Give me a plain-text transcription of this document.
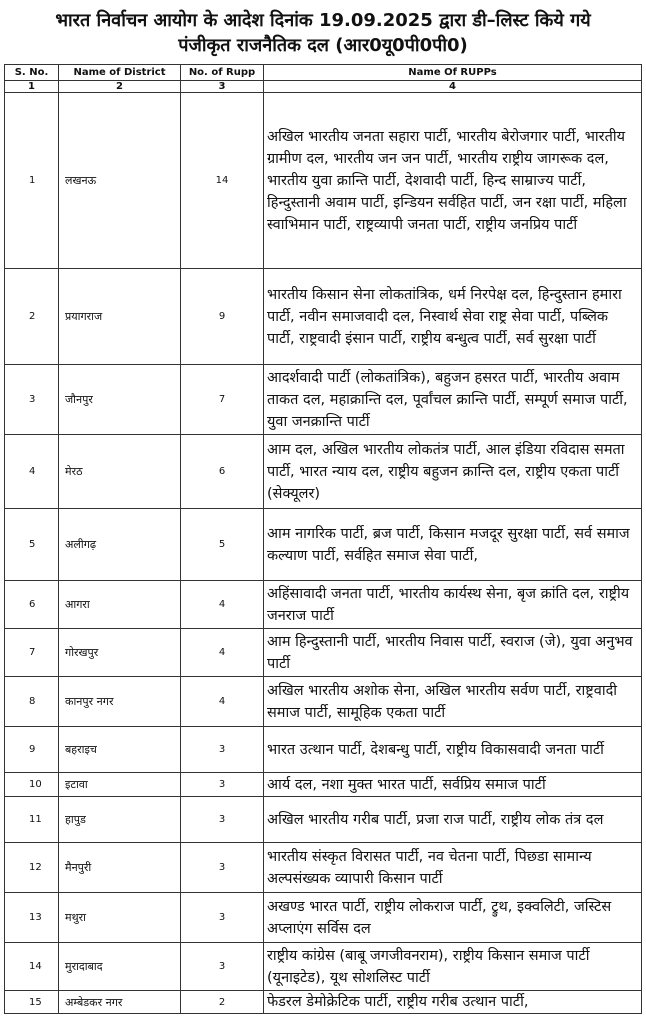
भारत निर्वाचन आयोग के आदेश दिनांक 19.09.2025 द्वारा डी–लिस्ट किये गये
पंजीकृत राजनैतिक दल (आर0यू0पी0पी0)
S. No.	Name of District	No. of Rupp	Name Of RUPPs
1	2	3	4
1	लखनऊ	14	अखिल भारतीय जनता सहारा पार्टी, भारतीय बेरोजगार पार्टी, भारतीय ग्रामीण दल, भारतीय जन जन पार्टी, भारतीय राष्ट्रीय जागरूक दल, भारतीय युवा क्रान्ति पार्टी, देशवादी पार्टी, हिन्द साम्राज्य पार्टी, हिन्दुस्तानी अवाम पार्टी, इन्डियन सर्वहित पार्टी, जन रक्षा पार्टी, महिला स्वाभिमान पार्टी, राष्ट्रव्यापी जनता पार्टी, राष्ट्रीय जनप्रिय पार्टी
2	प्रयागराज	9	भारतीय किसान सेना लोकतांत्रिक, धर्म निरपेक्ष दल, हिन्दुस्तान हमारा पार्टी, नवीन समाजवादी दल, निस्वार्थ सेवा राष्ट्र सेवा पार्टी, पब्लिक पार्टी, राष्ट्रवादी इंसान पार्टी, राष्ट्रीय बन्धुत्व पार्टी, सर्व सुरक्षा पार्टी
3	जौनपुर	7	आदर्शवादी पार्टी (लोकतांत्रिक), बहुजन हसरत पार्टी, भारतीय अवाम ताकत दल, महाक्रान्ति दल, पूर्वांचल क्रान्ति पार्टी, सम्पूर्ण समाज पार्टी, युवा जनक्रान्ति पार्टी
4	मेरठ	6	आम दल, अखिल भारतीय लोकतंत्र पार्टी, आल इंडिया रविदास समता पार्टी, भारत न्याय दल, राष्ट्रीय बहुजन क्रान्ति दल, राष्ट्रीय एकता पार्टी (सेक्यूलर)
5	अलीगढ़	5	आम नागरिक पार्टी, ब्रज पार्टी, किसान मजदूर सुरक्षा पार्टी, सर्व समाज कल्याण पार्टी, सर्वहित समाज सेवा पार्टी,
6	आगरा	4	अहिंसावादी जनता पार्टी, भारतीय कार्यस्थ सेना, बृज क्रांति दल, राष्ट्रीय जनराज पार्टी
7	गोरखपुर	4	आम हिन्दुस्तानी पार्टी, भारतीय निवास पार्टी, स्वराज (जे), युवा अनुभव पार्टी
8	कानपुर नगर	4	अखिल भारतीय अशोक सेना, अखिल भारतीय सर्वण पार्टी, राष्ट्रवादी समाज पार्टी, सामूहिक एकता पार्टी
9	बहराइच	3	भारत उत्थान पार्टी, देशबन्धु पार्टी, राष्ट्रीय विकासवादी जनता पार्टी
10	इटावा	3	आर्य दल, नशा मुक्त भारत पार्टी, सर्वप्रिय समाज पार्टी
11	हापुड	3	अखिल भारतीय गरीब पार्टी, प्रजा राज पार्टी, राष्ट्रीय लोक तंत्र दल
12	मैनपुरी	3	भारतीय संस्कृत विरासत पार्टी, नव चेतना पार्टी, पिछडा सामान्य अल्पसंख्यक व्यापारी किसान पार्टी
13	मथुरा	3	अखण्ड भारत पार्टी, राष्ट्रीय लोकराज पार्टी, ट्रुथ, इक्वलिटी, जस्टिस अप्लाएंग सर्विस दल
14	मुरादाबाद	3	राष्ट्रीय कांग्रेस (बाबू जगजीवनराम), राष्ट्रीय किसान समाज पार्टी (यूनाइटेड), यूथ सोशलिस्ट पार्टी
15	अम्बेडकर नगर	2	फेडरल डेमोक्रेटिक पार्टी, राष्ट्रीय गरीब उत्थान पार्टी,
